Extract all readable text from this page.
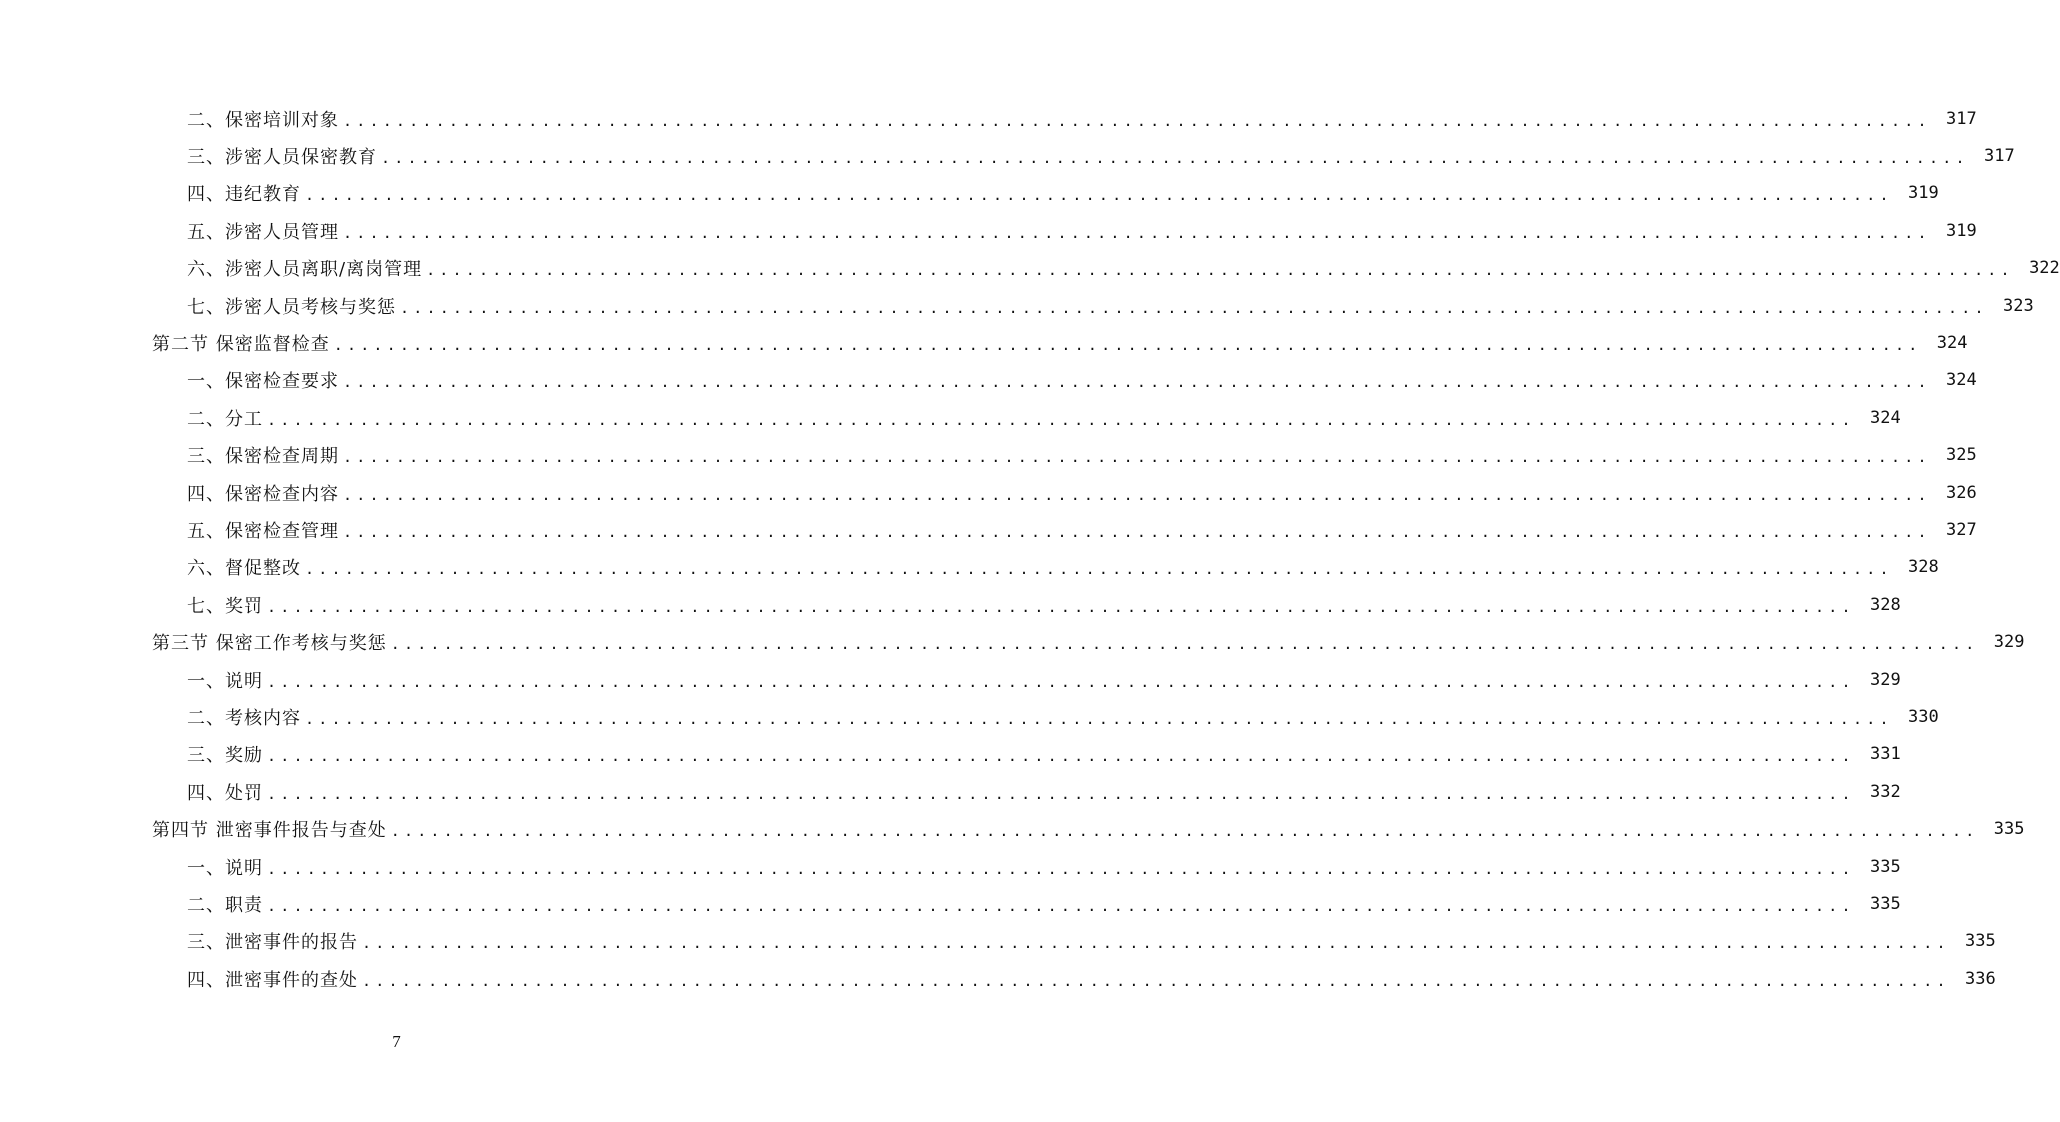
二、保密培训对象 ........................................................................................................................ 317
三、涉密人员保密教育 ........................................................................................................................ 317
四、违纪教育 ........................................................................................................................ 319
五、涉密人员管理 ........................................................................................................................ 319
六、涉密人员离职/离岗管理 ........................................................................................................................ 322
七、涉密人员考核与奖惩 ........................................................................................................................ 323
第二节 保密监督检查 ........................................................................................................................ 324
一、保密检查要求 ........................................................................................................................ 324
二、分工 ........................................................................................................................ 324
三、保密检查周期 ........................................................................................................................ 325
四、保密检查内容 ........................................................................................................................ 326
五、保密检查管理 ........................................................................................................................ 327
六、督促整改 ........................................................................................................................ 328
七、奖罚 ........................................................................................................................ 328
第三节 保密工作考核与奖惩 ........................................................................................................................ 329
一、说明 ........................................................................................................................ 329
二、考核内容 ........................................................................................................................ 330
三、奖励 ........................................................................................................................ 331
四、处罚 ........................................................................................................................ 332
第四节 泄密事件报告与查处 ........................................................................................................................ 335
一、说明 ........................................................................................................................ 335
二、职责 ........................................................................................................................ 335
三、泄密事件的报告 ........................................................................................................................ 335
四、泄密事件的查处 ........................................................................................................................ 336
7
